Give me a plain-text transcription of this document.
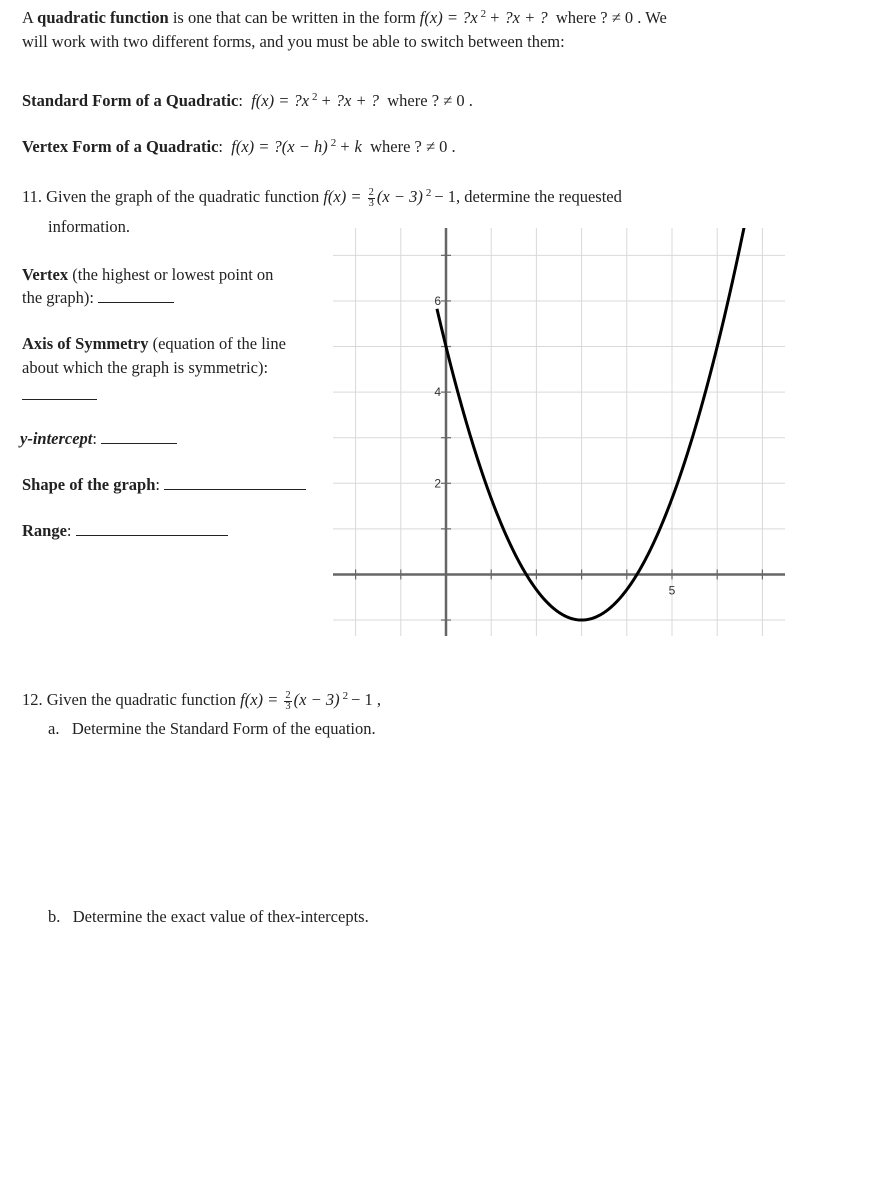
A quadratic function is one that can be written in the form f(x) = ?x $^2$ + ?x + ? where ? ≠ 0 . We
will work with two different forms, and you must be able to switch between them:
Standard Form of a Quadratic: f(x) = ?x $^2$ + ?x + ? where ? ≠ 0 .
Vertex Form of a Quadratic: f(x) = ?(x − h) $^2$ + k where ? ≠ 0 .
11. Given the graph of the quadratic function $f(x) = \frac{2}{3} (x - 3) ^2 - 1$, determine the requested
information.
Vertex (the highest or lowest point on
the graph):
Axis of Symmetry (equation of the line
about which the graph is symmetric):
y-intercept:
Shape of the graph:
Range:
5
2
4
6
12. Given the quadratic function $f(x) = \frac{2}{3} (x - 3) ^2 - 1$ ,
a. Determine the Standard Form of the equation.
b. Determine the exact value of thex-intercepts.
